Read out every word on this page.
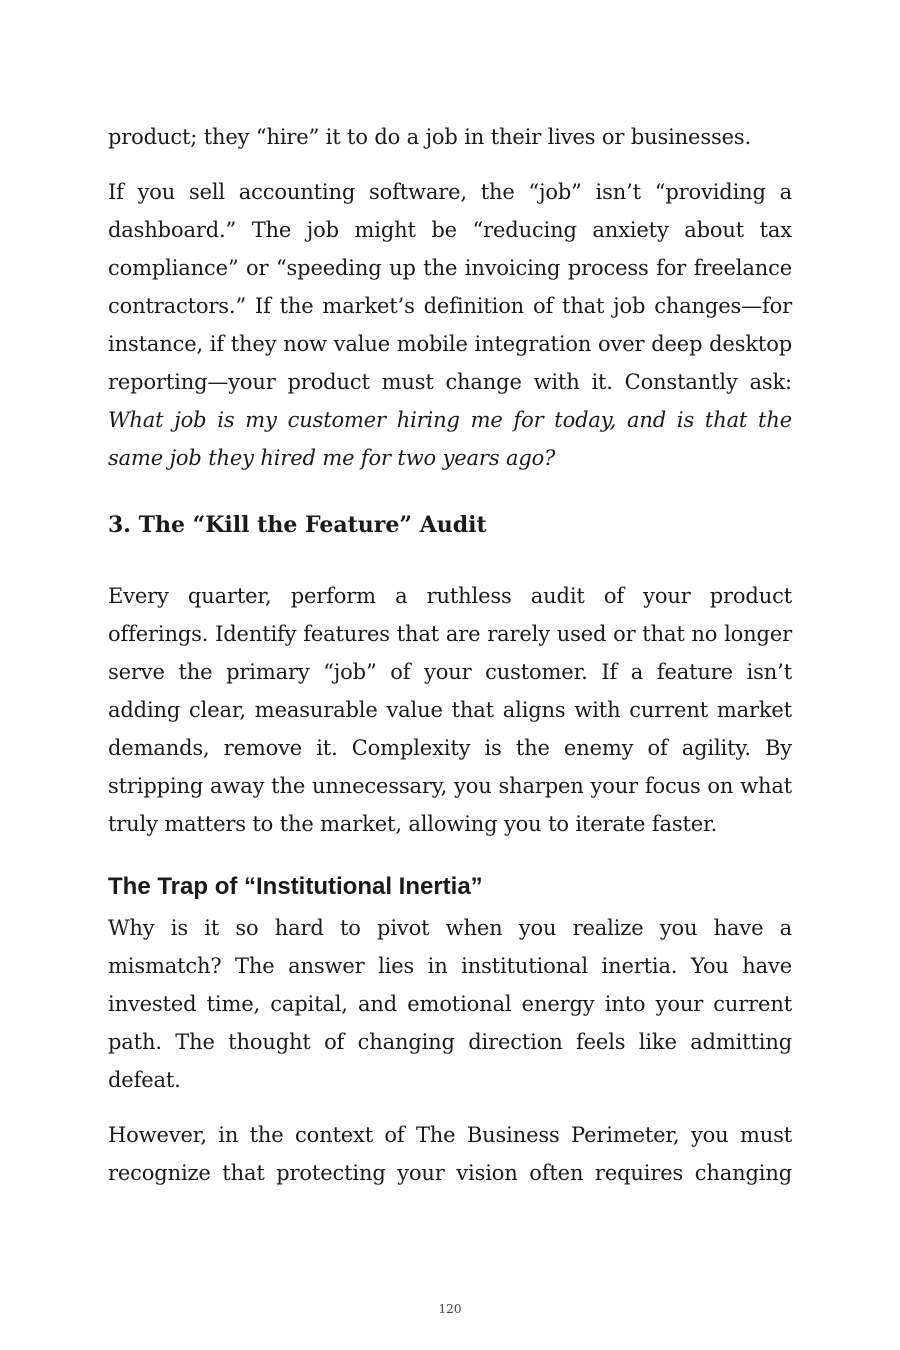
product; they “hire” it to do a job in their lives or businesses.

If you sell accounting software, the “job” isn’t “providing a dashboard.” The job might be “reducing anxiety about tax compliance” or “speeding up the invoicing process for freelance contractors.” If the market’s definition of that job changes—for instance, if they now value mobile integration over deep desktop reporting—your product must change with it. Constantly ask: What job is my customer hiring me for today, and is that the same job they hired me for two years ago?

3. The “Kill the Feature” Audit

Every quarter, perform a ruthless audit of your product offerings. Identify features that are rarely used or that no longer serve the primary “job” of your customer. If a feature isn’t adding clear, measurable value that aligns with current market demands, remove it. Complexity is the enemy of agility. By stripping away the unnecessary, you sharpen your focus on what truly matters to the market, allowing you to iterate faster.

The Trap of “Institutional Inertia”

Why is it so hard to pivot when you realize you have a mismatch? The answer lies in institutional inertia. You have invested time, capital, and emotional energy into your current path. The thought of changing direction feels like admitting defeat.

However, in the context of The Business Perimeter, you must recognize that protecting your vision often requires changing

120
